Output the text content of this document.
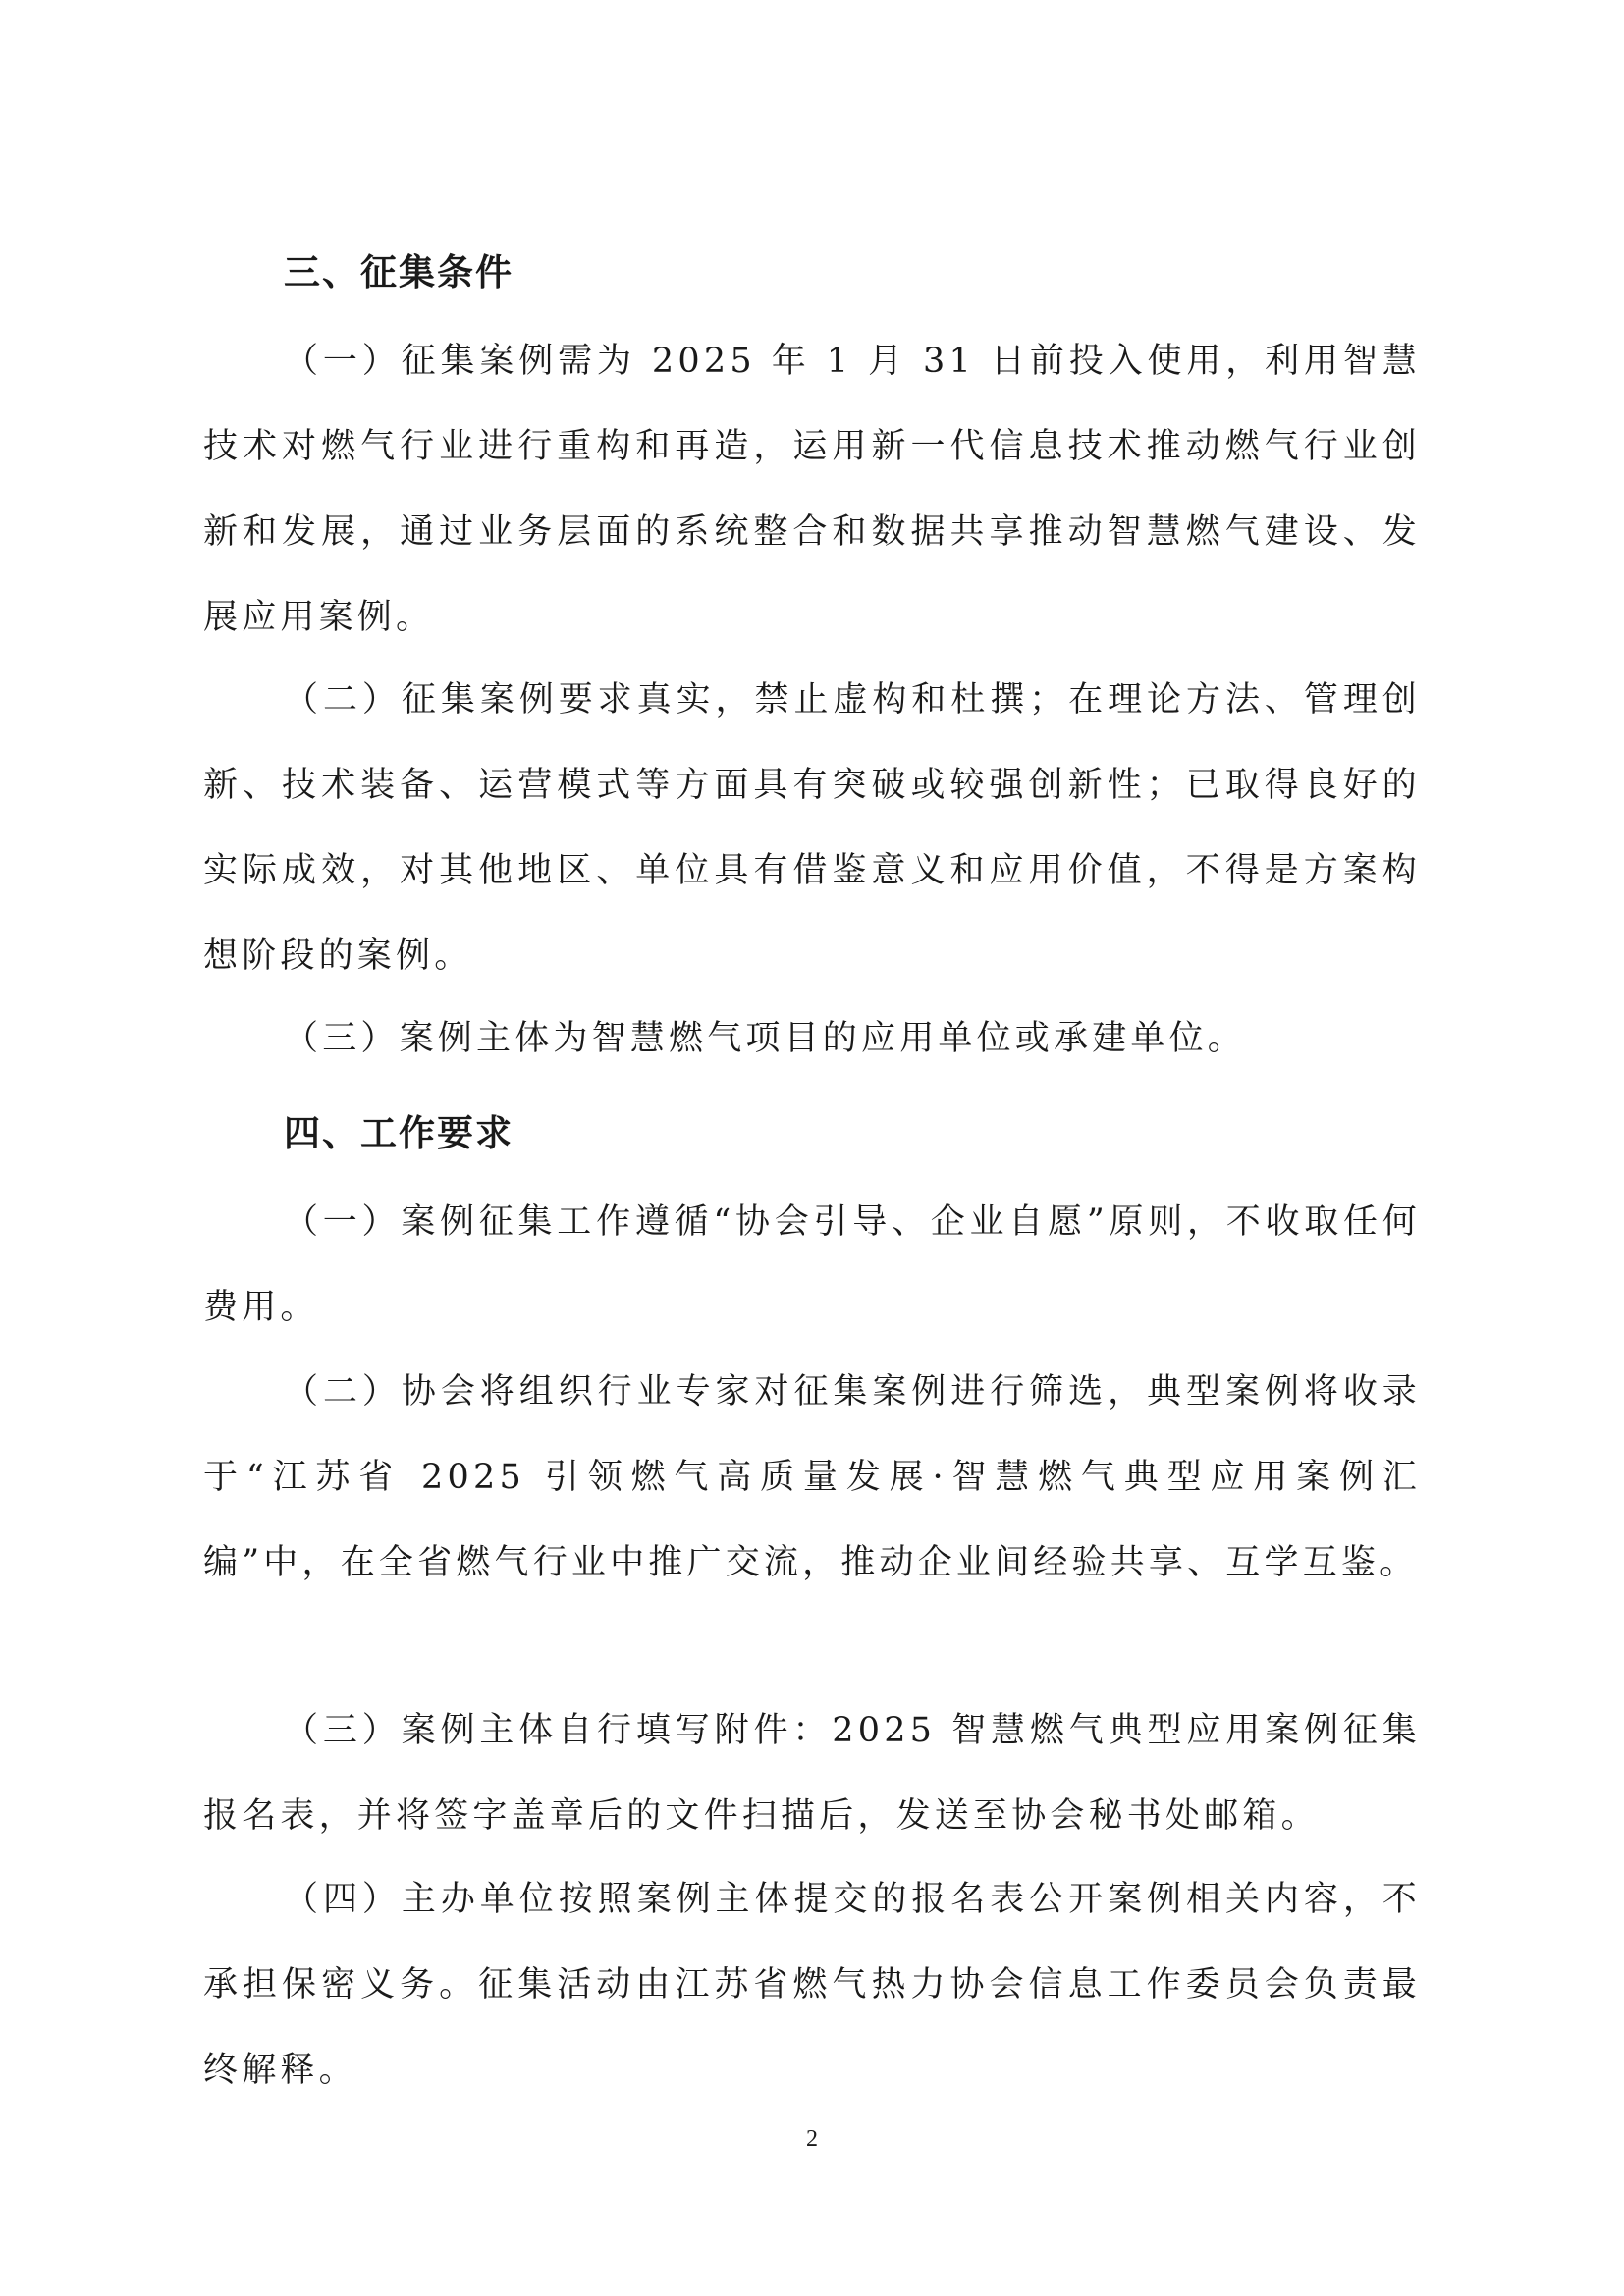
三、征集条件

（一）征集案例需为 2025 年 1 月 31 日前投入使用，利用智慧技术对燃气行业进行重构和再造，运用新一代信息技术推动燃气行业创新和发展，通过业务层面的系统整合和数据共享推动智慧燃气建设、发展应用案例。

（二）征集案例要求真实，禁止虚构和杜撰；在理论方法、管理创新、技术装备、运营模式等方面具有突破或较强创新性；已取得良好的实际成效，对其他地区、单位具有借鉴意义和应用价值，不得是方案构想阶段的案例。

（三）案例主体为智慧燃气项目的应用单位或承建单位。

四、工作要求

（一）案例征集工作遵循“协会引导、企业自愿”原则，不收取任何费用。

（二）协会将组织行业专家对征集案例进行筛选，典型案例将收录于“江苏省 2025 引领燃气高质量发展·智慧燃气典型应用案例汇编”中，在全省燃气行业中推广交流，推动企业间经验共享、互学互鉴。

（三）案例主体自行填写附件：2025 智慧燃气典型应用案例征集报名表，并将签字盖章后的文件扫描后，发送至协会秘书处邮箱。

（四）主办单位按照案例主体提交的报名表公开案例相关内容，不承担保密义务。征集活动由江苏省燃气热力协会信息工作委员会负责最终解释。

2
